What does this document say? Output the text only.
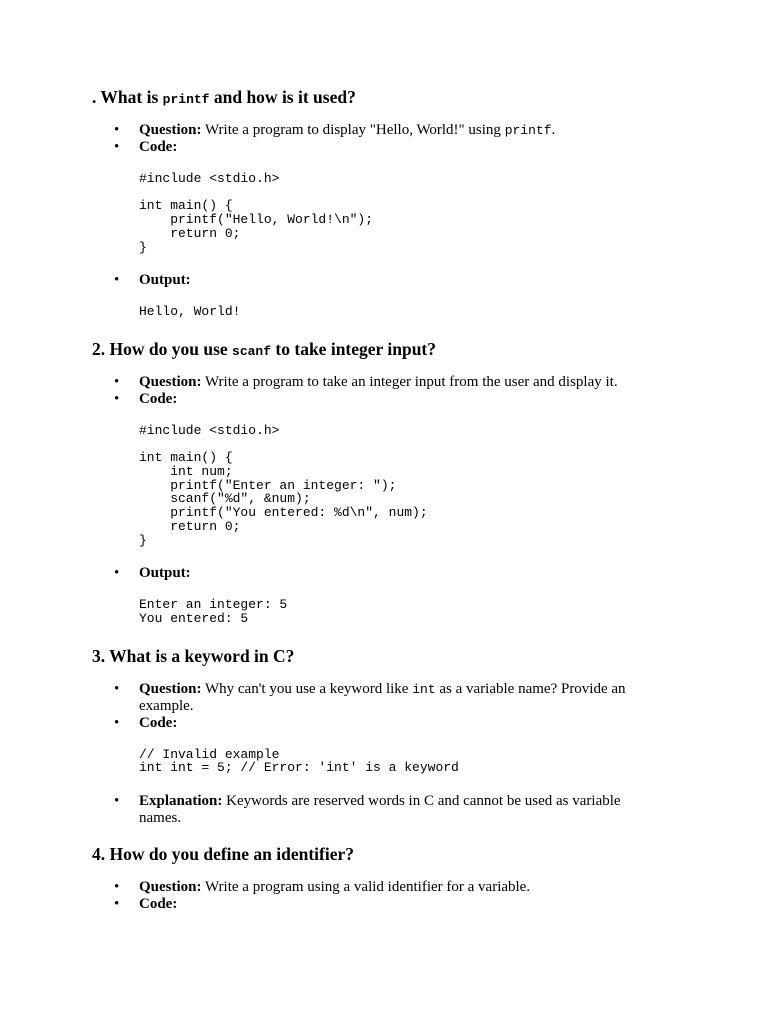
. What is printf and how is it used?
• Question: Write a program to display "Hello, World!" using printf.
• Code:
#include <stdio.h>

int main() {
printf("Hello, World!\n");
return 0;
}
• Output:
Hello, World!
2. How do you use scanf to take integer input?
• Question: Write a program to take an integer input from the user and display it.
• Code:
#include <stdio.h>

int main() {
int num;
printf("Enter an integer: ");
scanf("%d", &num);
printf("You entered: %d\n", num);
return 0;
}
• Output:
Enter an integer: 5
You entered: 5
3. What is a keyword in C?
• Question: Why can't you use a keyword like int as a variable name? Provide an example.
• Code:
// Invalid example
int int = 5; // Error: 'int' is a keyword
• Explanation: Keywords are reserved words in C and cannot be used as variable names.
4. How do you define an identifier?
• Question: Write a program using a valid identifier for a variable.
• Code:
